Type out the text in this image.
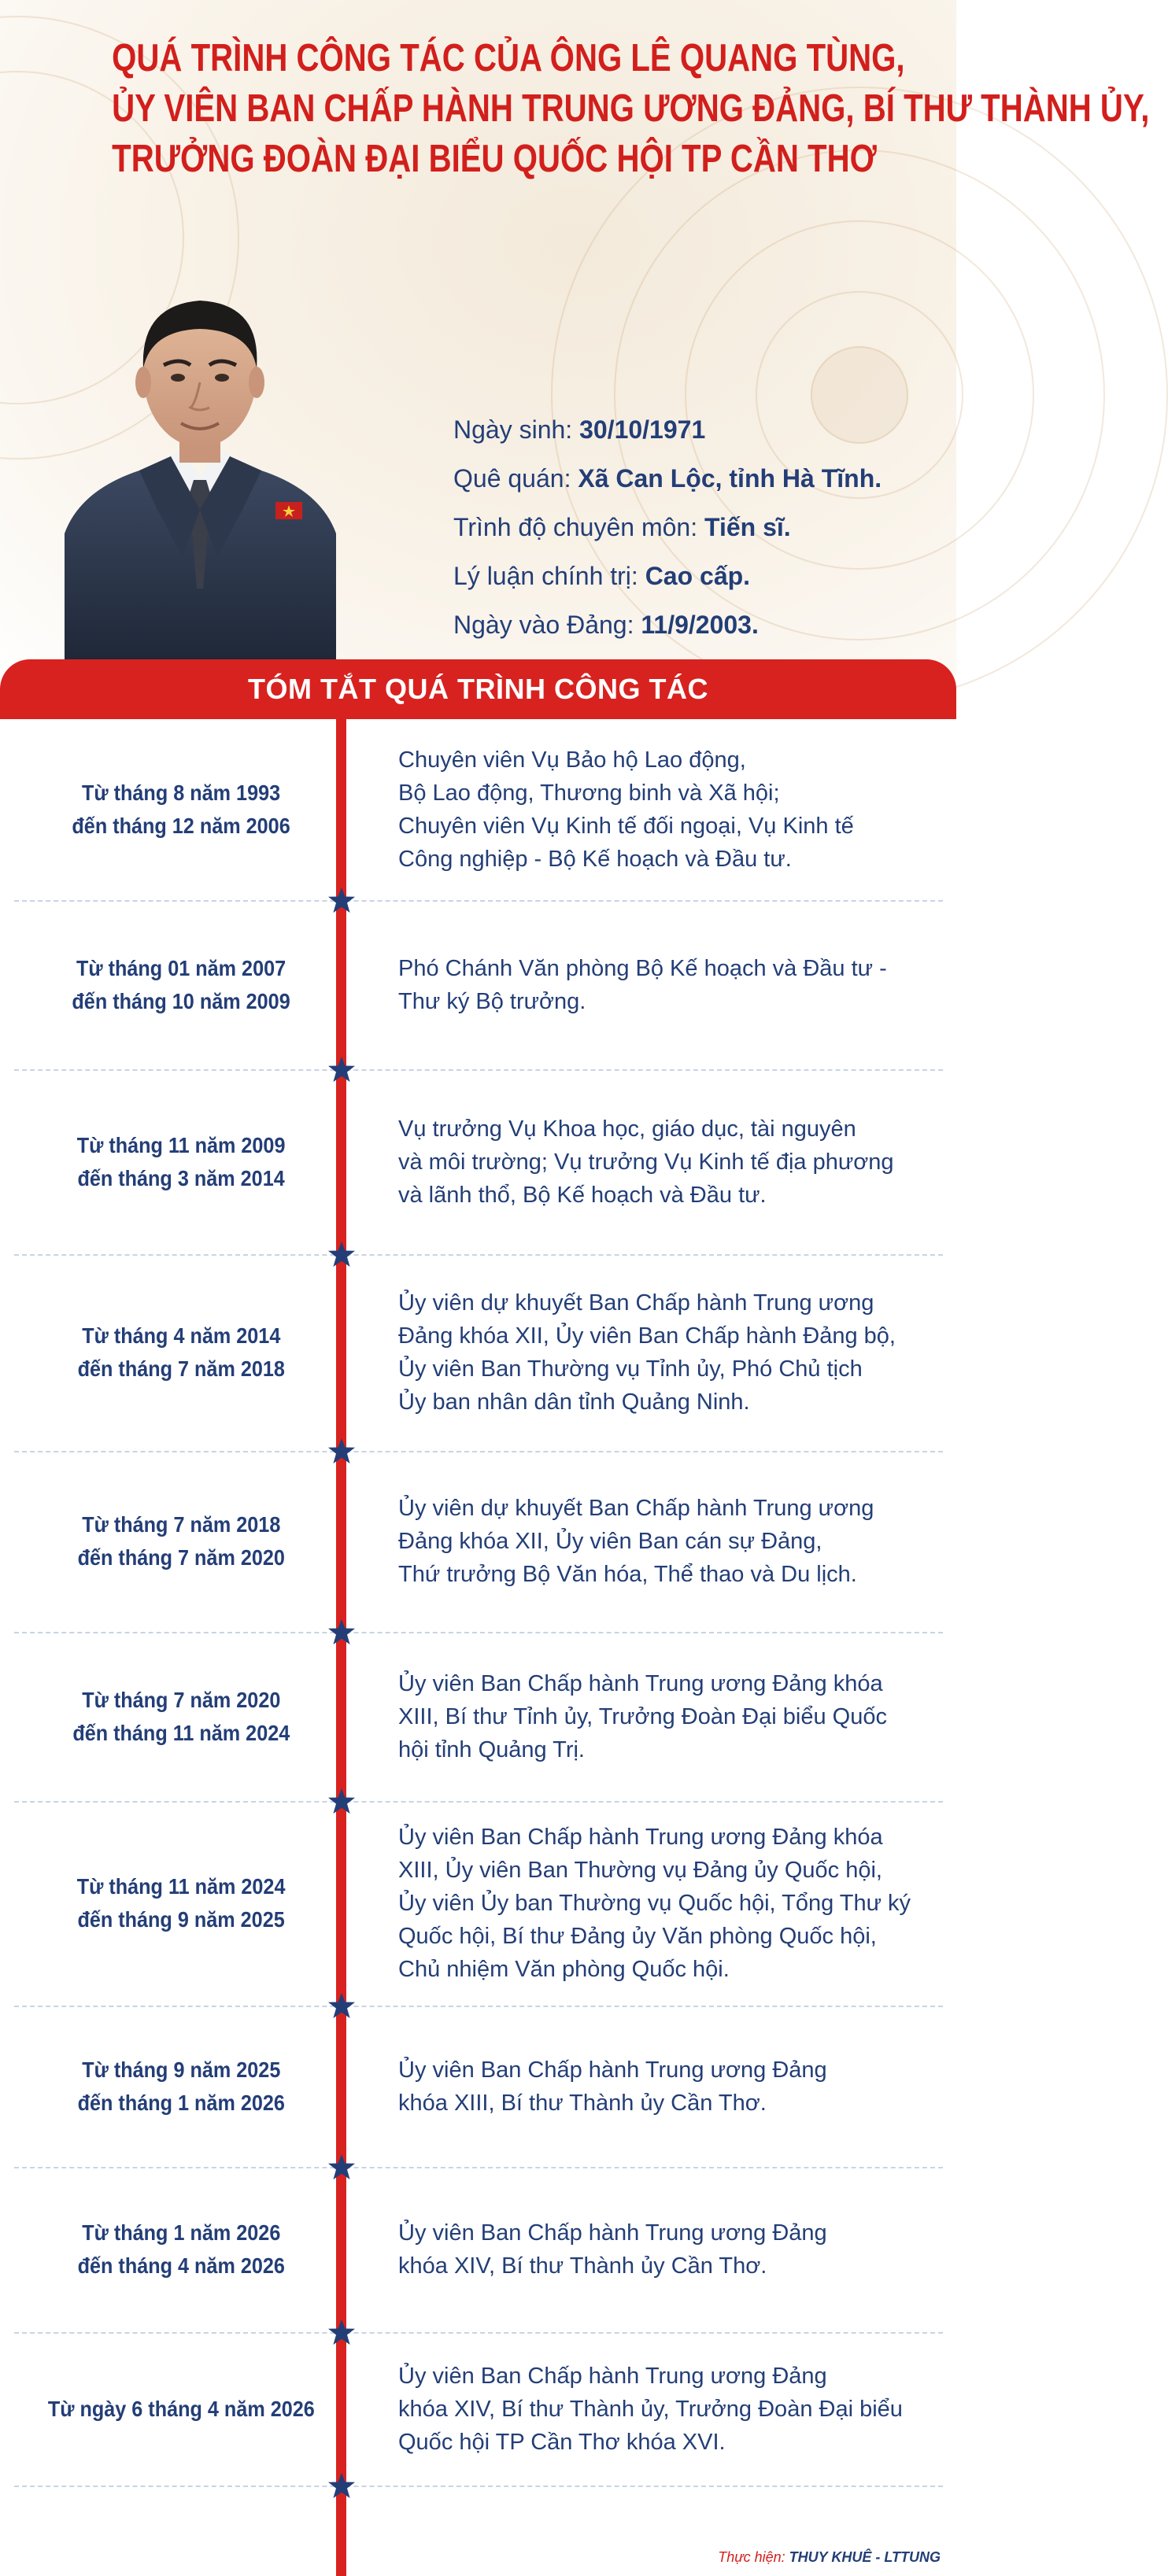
QUÁ TRÌNH CÔNG TÁC CỦA ÔNG LÊ QUANG TÙNG,
ỦY VIÊN BAN CHẤP HÀNH TRUNG ƯƠNG ĐẢNG, BÍ THƯ THÀNH ỦY,
TRƯỞNG ĐOÀN ĐẠI BIỂU QUỐC HỘI TP CẦN THƠ
Ngày sinh: 30/10/1971
Quê quán: Xã Can Lộc, tỉnh Hà Tĩnh.
Trình độ chuyên môn: Tiến sĩ.
Lý luận chính trị: Cao cấp.
Ngày vào Đảng: 11/9/2003.
TÓM TẮT QUÁ TRÌNH CÔNG TÁC
Từ tháng 8 năm 1993
đến tháng 12 năm 2006
Chuyên viên Vụ Bảo hộ Lao động,
Bộ Lao động, Thương binh và Xã hội;
Chuyên viên Vụ Kinh tế đối ngoại, Vụ Kinh tế
Công nghiệp - Bộ Kế hoạch và Đầu tư.
Từ tháng 01 năm 2007
đến tháng 10 năm 2009
Phó Chánh Văn phòng Bộ Kế hoạch và Đầu tư -
Thư ký Bộ trưởng.
Từ tháng 11 năm 2009
đến tháng 3 năm 2014
Vụ trưởng Vụ Khoa học, giáo dục, tài nguyên
và môi trường; Vụ trưởng Vụ Kinh tế địa phương
và lãnh thổ, Bộ Kế hoạch và Đầu tư.
Từ tháng 4 năm 2014
đến tháng 7 năm 2018
Ủy viên dự khuyết Ban Chấp hành Trung ương
Đảng khóa XII, Ủy viên Ban Chấp hành Đảng bộ,
Ủy viên Ban Thường vụ Tỉnh ủy, Phó Chủ tịch
Ủy ban nhân dân tỉnh Quảng Ninh.
Từ tháng 7 năm 2018
đến tháng 7 năm 2020
Ủy viên dự khuyết Ban Chấp hành Trung ương
Đảng khóa XII, Ủy viên Ban cán sự Đảng,
Thứ trưởng Bộ Văn hóa, Thể thao và Du lịch.
Từ tháng 7 năm 2020
đến tháng 11 năm 2024
Ủy viên Ban Chấp hành Trung ương Đảng khóa
XIII, Bí thư Tỉnh ủy, Trưởng Đoàn Đại biểu Quốc
hội tỉnh Quảng Trị.
Từ tháng 11 năm 2024
đến tháng 9 năm 2025
Ủy viên Ban Chấp hành Trung ương Đảng khóa
XIII, Ủy viên Ban Thường vụ Đảng ủy Quốc hội,
Ủy viên Ủy ban Thường vụ Quốc hội, Tổng Thư ký
Quốc hội, Bí thư Đảng ủy Văn phòng Quốc hội,
Chủ nhiệm Văn phòng Quốc hội.
Từ tháng 9 năm 2025
đến tháng 1 năm 2026
Ủy viên Ban Chấp hành Trung ương Đảng
khóa XIII, Bí thư Thành ủy Cần Thơ.
Từ tháng 1 năm 2026
đến tháng 4 năm 2026
Ủy viên Ban Chấp hành Trung ương Đảng
khóa XIV, Bí thư Thành ủy Cần Thơ.
Từ ngày 6 tháng 4 năm 2026
Ủy viên Ban Chấp hành Trung ương Đảng
khóa XIV, Bí thư Thành ủy, Trưởng Đoàn Đại biểu
Quốc hội TP Cần Thơ khóa XVI.
Thực hiện: THUY KHUÊ - LTTUNG
